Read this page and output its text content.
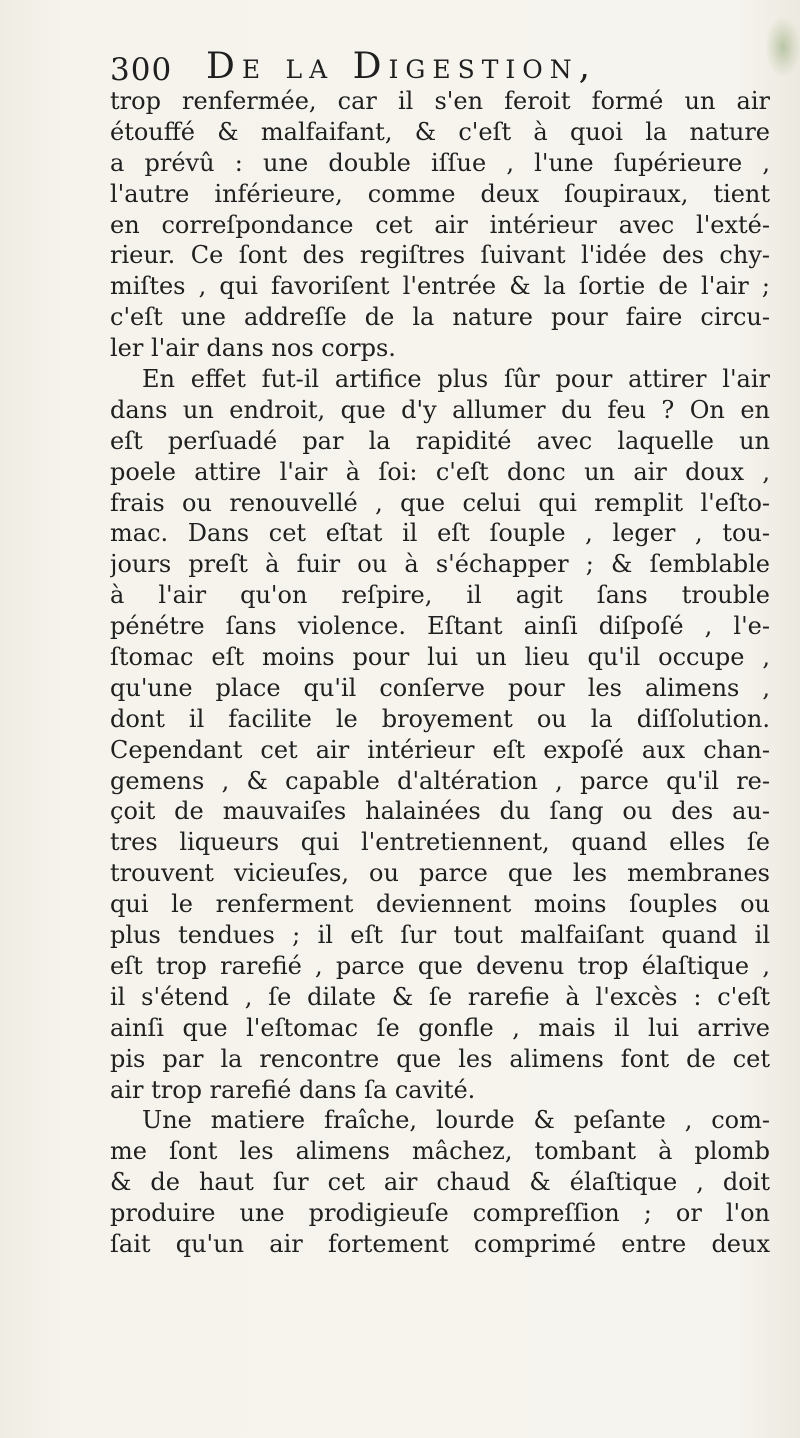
300 De la Digestion,
trop renfermée, car il s'en feroit formé un air
étouffé & malfaifant, & c'eſt à quoi la nature
a prévû : une double iſſue , l'une ſupérieure ,
l'autre inférieure, comme deux ſoupiraux, tient
en correſpondance cet air intérieur avec l'exté-
rieur. Ce ſont des regiſtres ſuivant l'idée des chy-
miſtes , qui favoriſent l'entrée & la ſortie de l'air ;
c'eſt une addreſſe de la nature pour faire circu-
ler l'air dans nos corps.
En effet fut-il artifice plus ſûr pour attirer l'air
dans un endroit, que d'y allumer du feu ? On en
eſt perſuadé par la rapidité avec laquelle un
poele attire l'air à ſoi: c'eſt donc un air doux ,
frais ou renouvellé , que celui qui remplit l'eſto-
mac. Dans cet eſtat il eſt ſouple , leger , tou-
jours preſt à fuir ou à s'échapper ; & ſemblable
à l'air qu'on reſpire, il agit ſans trouble
pénétre ſans violence. Eſtant ainſi diſpoſé , l'e-
ſtomac eſt moins pour lui un lieu qu'il occupe ,
qu'une place qu'il conſerve pour les alimens ,
dont il facilite le broyement ou la diſſolution.
Cependant cet air intérieur eſt expoſé aux chan-
gemens , & capable d'altération , parce qu'il re-
çoit de mauvaiſes halainées du ſang ou des au-
tres liqueurs qui l'entretiennent, quand elles ſe
trouvent vicieuſes, ou parce que les membranes
qui le renferment deviennent moins ſouples ou
plus tendues ; il eſt ſur tout malfaiſant quand il
eſt trop rarefié , parce que devenu trop élaſtique ,
il s'étend , ſe dilate & ſe rarefie à l'excès : c'eſt
ainſi que l'eſtomac ſe gonfle , mais il lui arrive
pis par la rencontre que les alimens font de cet
air trop rarefié dans ſa cavité.
Une matiere fraîche, lourde & peſante , com-
me ſont les alimens mâchez, tombant à plomb
& de haut ſur cet air chaud & élaſtique , doit
produire une prodigieuſe compreſſion ; or l'on
ſait qu'un air fortement comprimé entre deux
